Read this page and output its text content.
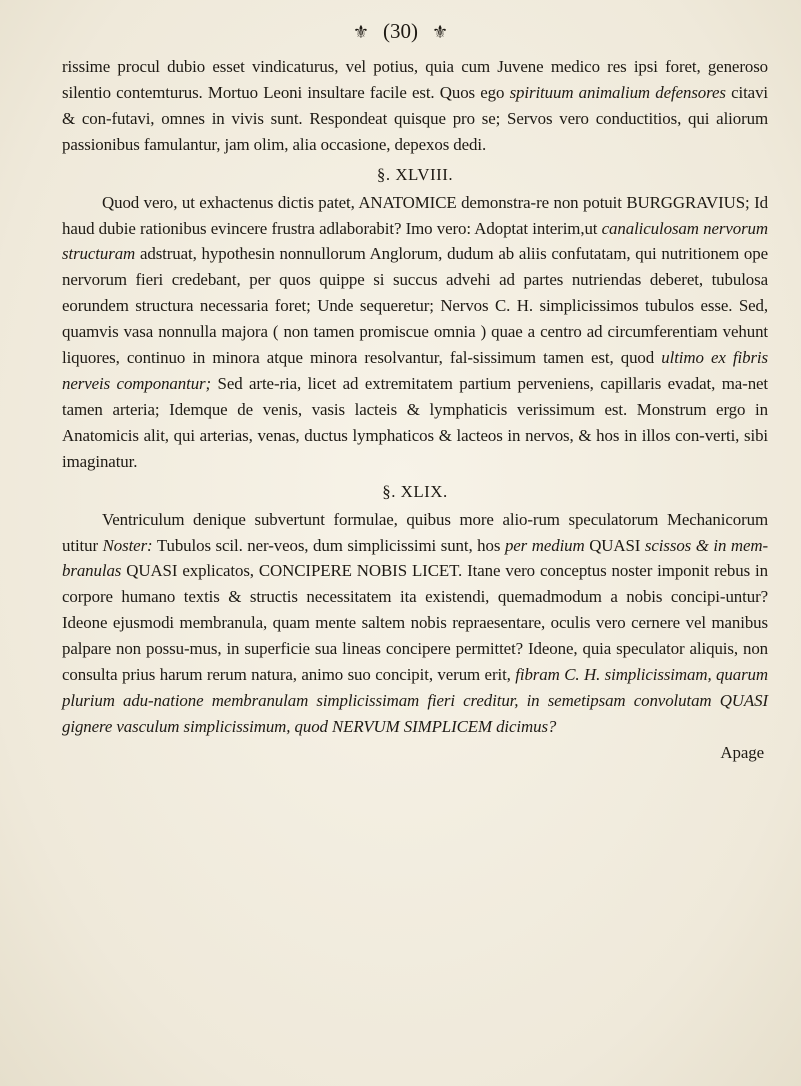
⚜ (30) ⚜

rissime procul dubio esset vindicaturus, vel potius, quia cum Juvene medico res ipsi foret, generoso silentio contemturus. Mortuo Leoni insultare facile est. Quos ego spirituum animalium defensores citavi & con-futavi, omnes in vivis sunt. Respondeat quisque pro se; Servos vero conductitios, qui aliorum passionibus famulantur, jam olim, alia occasione, depexos dedi.

§. XLVIII.

Quod vero, ut exhactenus dictis patet, ANATOMICE demonstra-re non potuit BURGGRAVIUS; Id haud dubie rationibus evincere frustra adlaborabit? Imo vero: Adoptat interim,ut canaliculosam nervorum structuram adstruat, hypothesin nonnullorum Anglorum, dudum ab aliis confutatam, qui nutritionem ope nervorum fieri credebant, per quos quippe si succus advehi ad partes nutriendas deberet, tubulosa eorundem structura necessaria foret; Unde sequeretur; Nervos C. H. simplicissimos tubulos esse. Sed, quamvis vasa nonnulla majora ( non tamen promiscue omnia ) quae a centro ad circumferentiam vehunt liquores, continuo in minora atque minora resolvantur, fal-sissimum tamen est, quod ultimo ex fibris nerveis componantur; Sed arte-ria, licet ad extremitatem partium perveniens, capillaris evadat, ma-net tamen arteria; Idemque de venis, vasis lacteis & lymphaticis verissimum est. Monstrum ergo in Anatomicis alit, qui arterias, venas, ductus lymphaticos & lacteos in nervos, & hos in illos con-verti, sibi imaginatur.

§. XLIX.

Ventriculum denique subvertunt formulae, quibus more alio-rum speculatorum Mechanicorum utitur Noster: Tubulos scil. ner-veos, dum simplicissimi sunt, hos per medium QUASI scissos & in mem-branulas QUASI explicatos, CONCIPERE NOBIS LICET. Itane vero conceptus noster imponit rebus in corpore humano textis & structis necessitatem ita existendi, quemadmodum a nobis concipi-untur? Ideone ejusmodi membranula, quam mente saltem nobis repraesentare, oculis vero cernere vel manibus palpare non possu-mus, in superficie sua lineas concipere permittet? Ideone, quia speculator aliquis, non consulta prius harum rerum natura, animo suo concipit, verum erit, fibram C. H. simplicissimam, quarum plurium adu-natione membranulam simplicissimam fieri creditur, in semetipsam convolutam QUASI gignere vasculum simplicissimum, quod NERVUM SIMPLICEM dicimus?

Apage
